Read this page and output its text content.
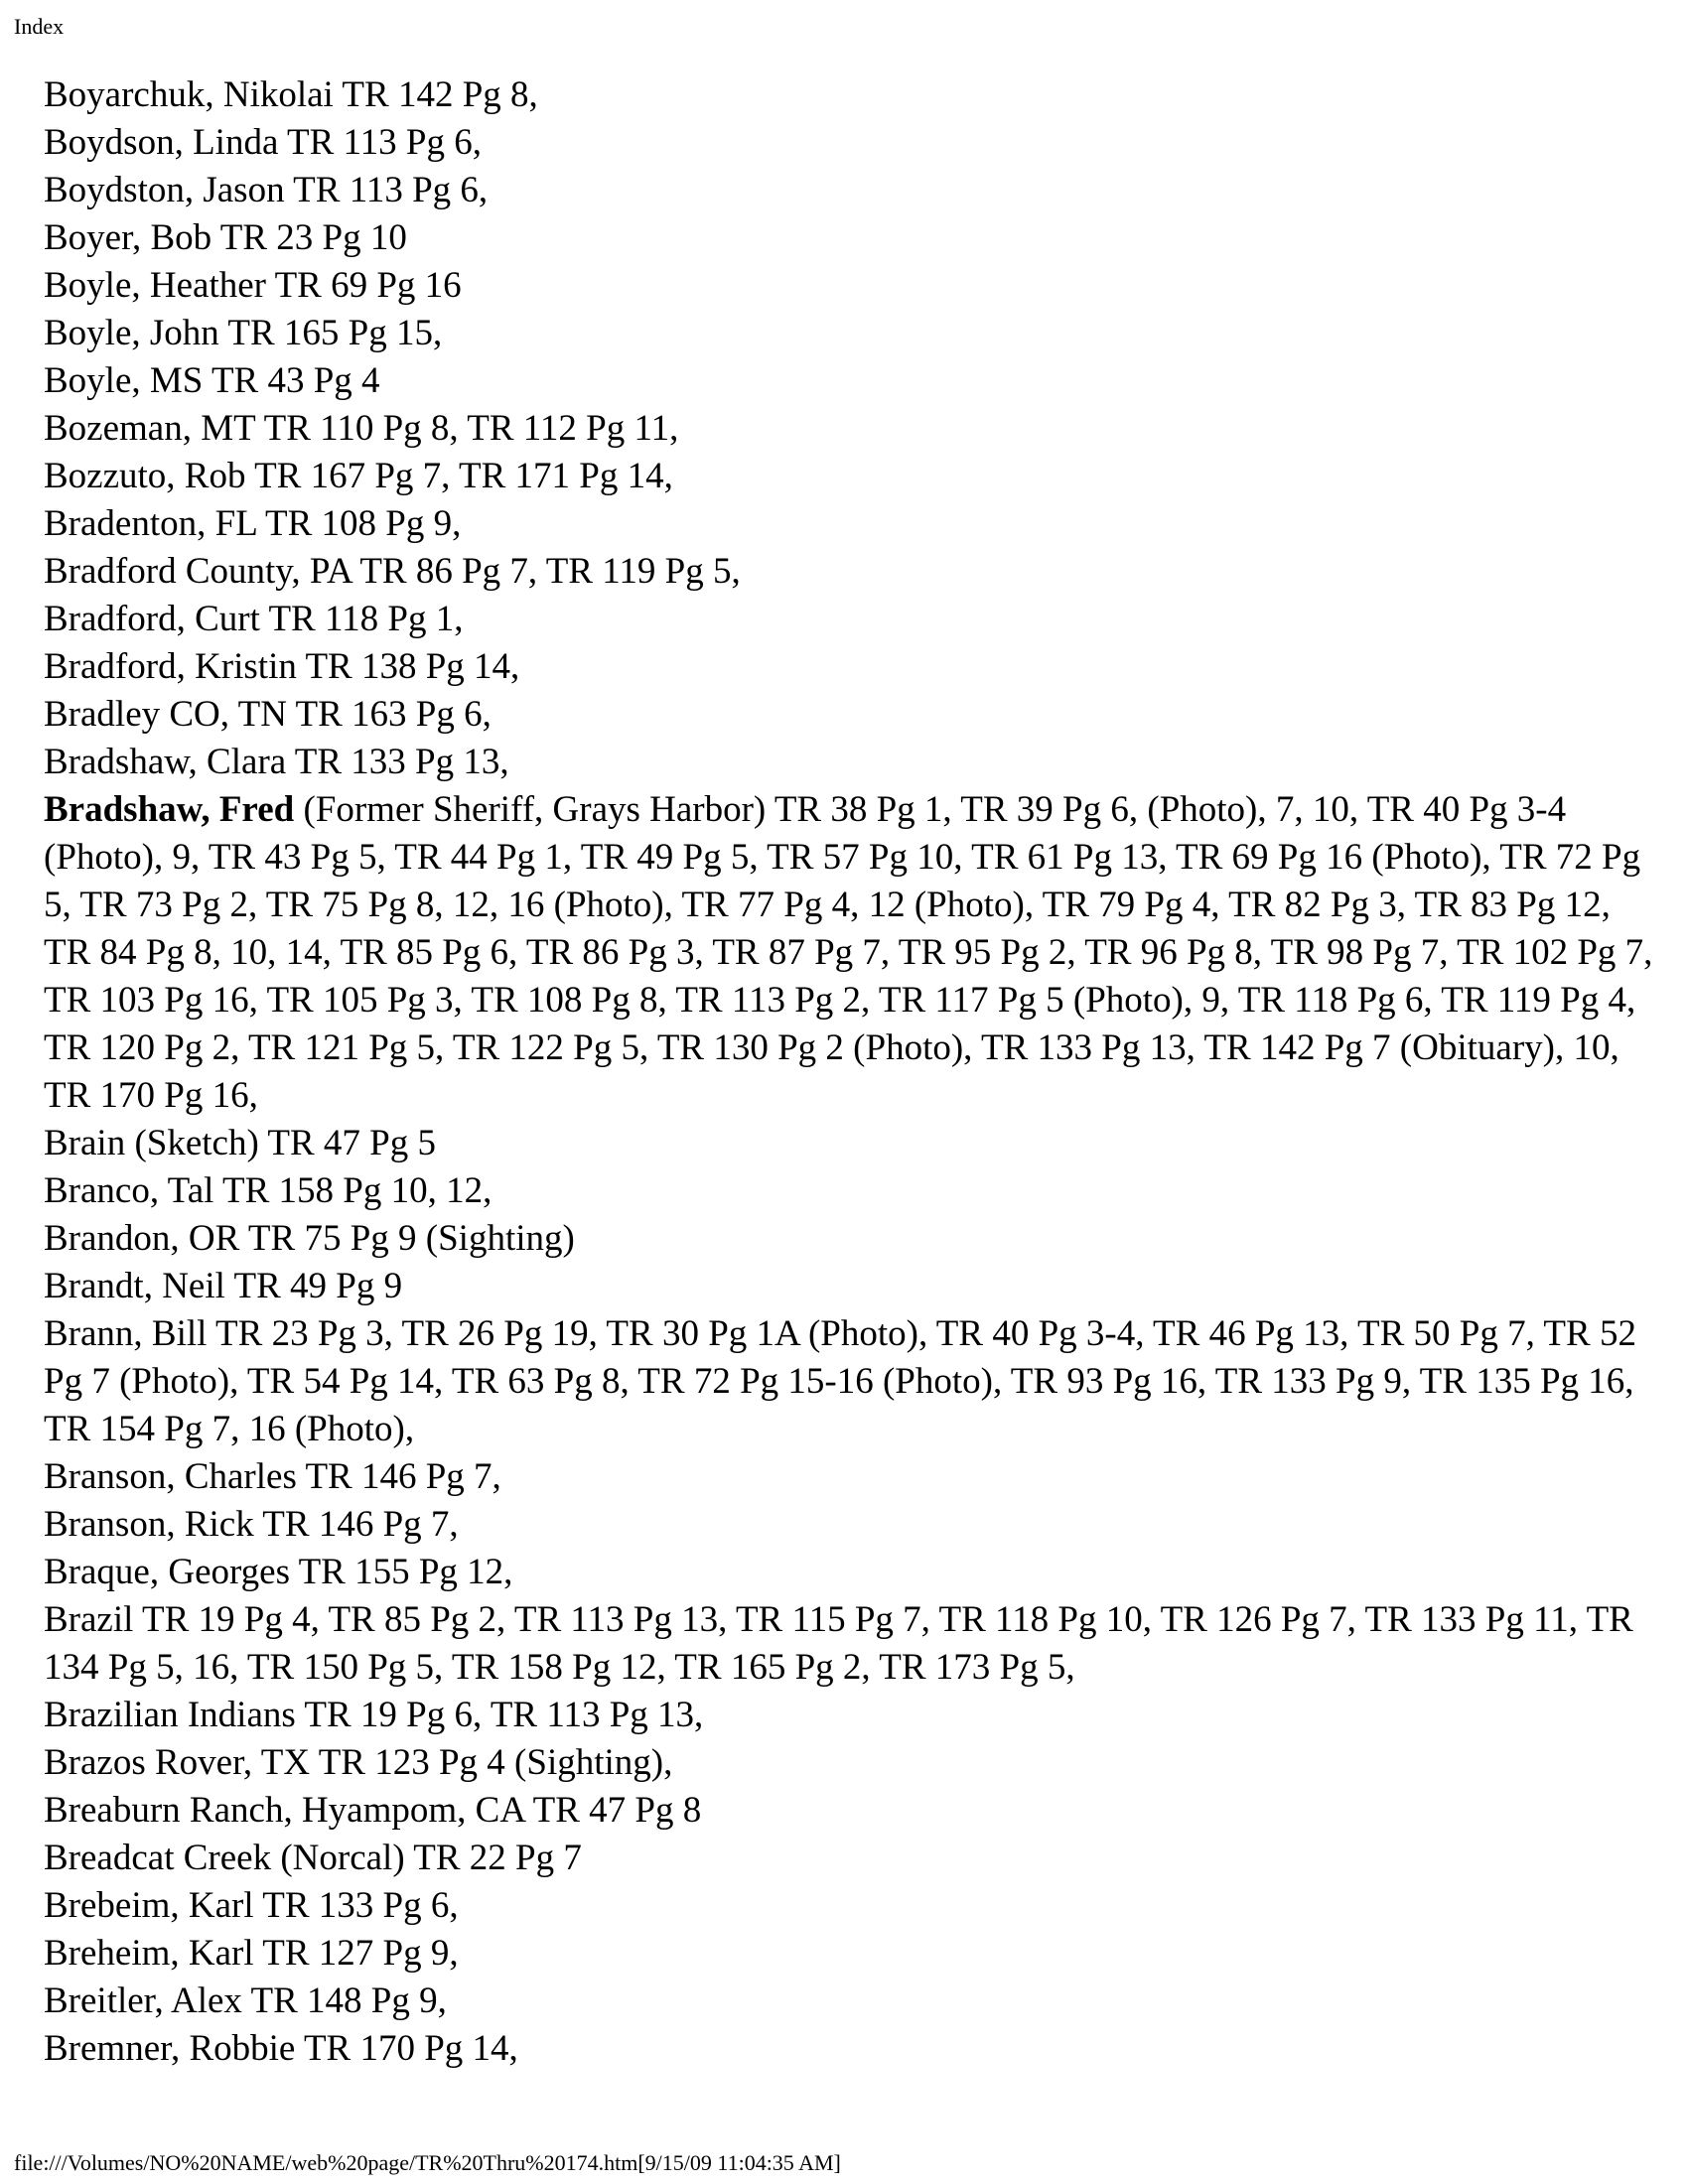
Index
Boyarchuk, Nikolai TR 142 Pg 8,
Boydson, Linda TR 113 Pg 6,
Boydston, Jason TR 113 Pg 6,
Boyer, Bob TR 23 Pg 10
Boyle, Heather TR 69 Pg 16
Boyle, John TR 165 Pg 15,
Boyle, MS TR 43 Pg 4
Bozeman, MT TR 110 Pg 8, TR 112 Pg 11,
Bozzuto, Rob TR 167 Pg 7, TR 171 Pg 14,
Bradenton, FL TR 108 Pg 9,
Bradford County, PA TR 86 Pg 7, TR 119 Pg 5,
Bradford, Curt TR 118 Pg 1,
Bradford, Kristin TR 138 Pg 14,
Bradley CO, TN TR 163 Pg 6,
Bradshaw, Clara TR 133 Pg 13,
Bradshaw, Fred (Former Sheriff, Grays Harbor) TR 38 Pg 1, TR 39 Pg 6, (Photo), 7, 10, TR 40 Pg 3-4 (Photo), 9, TR 43 Pg 5, TR 44 Pg 1, TR 49 Pg 5, TR 57 Pg 10, TR 61 Pg 13, TR 69 Pg 16 (Photo), TR 72 Pg 5, TR 73 Pg 2, TR 75 Pg 8, 12, 16 (Photo), TR 77 Pg 4, 12 (Photo), TR 79 Pg 4, TR 82 Pg 3, TR 83 Pg 12, TR 84 Pg 8, 10, 14, TR 85 Pg 6, TR 86 Pg 3, TR 87 Pg 7, TR 95 Pg 2, TR 96 Pg 8, TR 98 Pg 7, TR 102 Pg 7, TR 103 Pg 16, TR 105 Pg 3, TR 108 Pg 8, TR 113 Pg 2, TR 117 Pg 5 (Photo), 9, TR 118 Pg 6, TR 119 Pg 4, TR 120 Pg 2, TR 121 Pg 5, TR 122 Pg 5, TR 130 Pg 2 (Photo), TR 133 Pg 13, TR 142 Pg 7 (Obituary), 10, TR 170 Pg 16,
Brain (Sketch) TR 47 Pg 5
Branco, Tal TR 158 Pg 10, 12,
Brandon, OR TR 75 Pg 9 (Sighting)
Brandt, Neil TR 49 Pg 9
Brann, Bill TR 23 Pg 3, TR 26 Pg 19, TR 30 Pg 1A (Photo), TR 40 Pg 3-4, TR 46 Pg 13, TR 50 Pg 7, TR 52 Pg 7 (Photo), TR 54 Pg 14, TR 63 Pg 8, TR 72 Pg 15-16 (Photo), TR 93 Pg 16, TR 133 Pg 9, TR 135 Pg 16, TR 154 Pg 7, 16 (Photo),
Branson, Charles TR 146 Pg 7,
Branson, Rick TR 146 Pg 7,
Braque, Georges TR 155 Pg 12,
Brazil TR 19 Pg 4, TR 85 Pg 2, TR 113 Pg 13, TR 115 Pg 7, TR 118 Pg 10, TR 126 Pg 7, TR 133 Pg 11, TR 134 Pg 5, 16, TR 150 Pg 5, TR 158 Pg 12, TR 165 Pg 2, TR 173 Pg 5,
Brazilian Indians TR 19 Pg 6, TR 113 Pg 13,
Brazos Rover, TX TR 123 Pg 4 (Sighting),
Breaburn Ranch, Hyampom, CA TR 47 Pg 8
Breadcat Creek (Norcal) TR 22 Pg 7
Brebeim, Karl TR 133 Pg 6,
Breheim, Karl TR 127 Pg 9,
Breitler, Alex TR 148 Pg 9,
Bremner, Robbie TR 170 Pg 14,
file:///Volumes/NO%20NAME/web%20page/TR%20Thru%20174.htm[9/15/09 11:04:35 AM]
